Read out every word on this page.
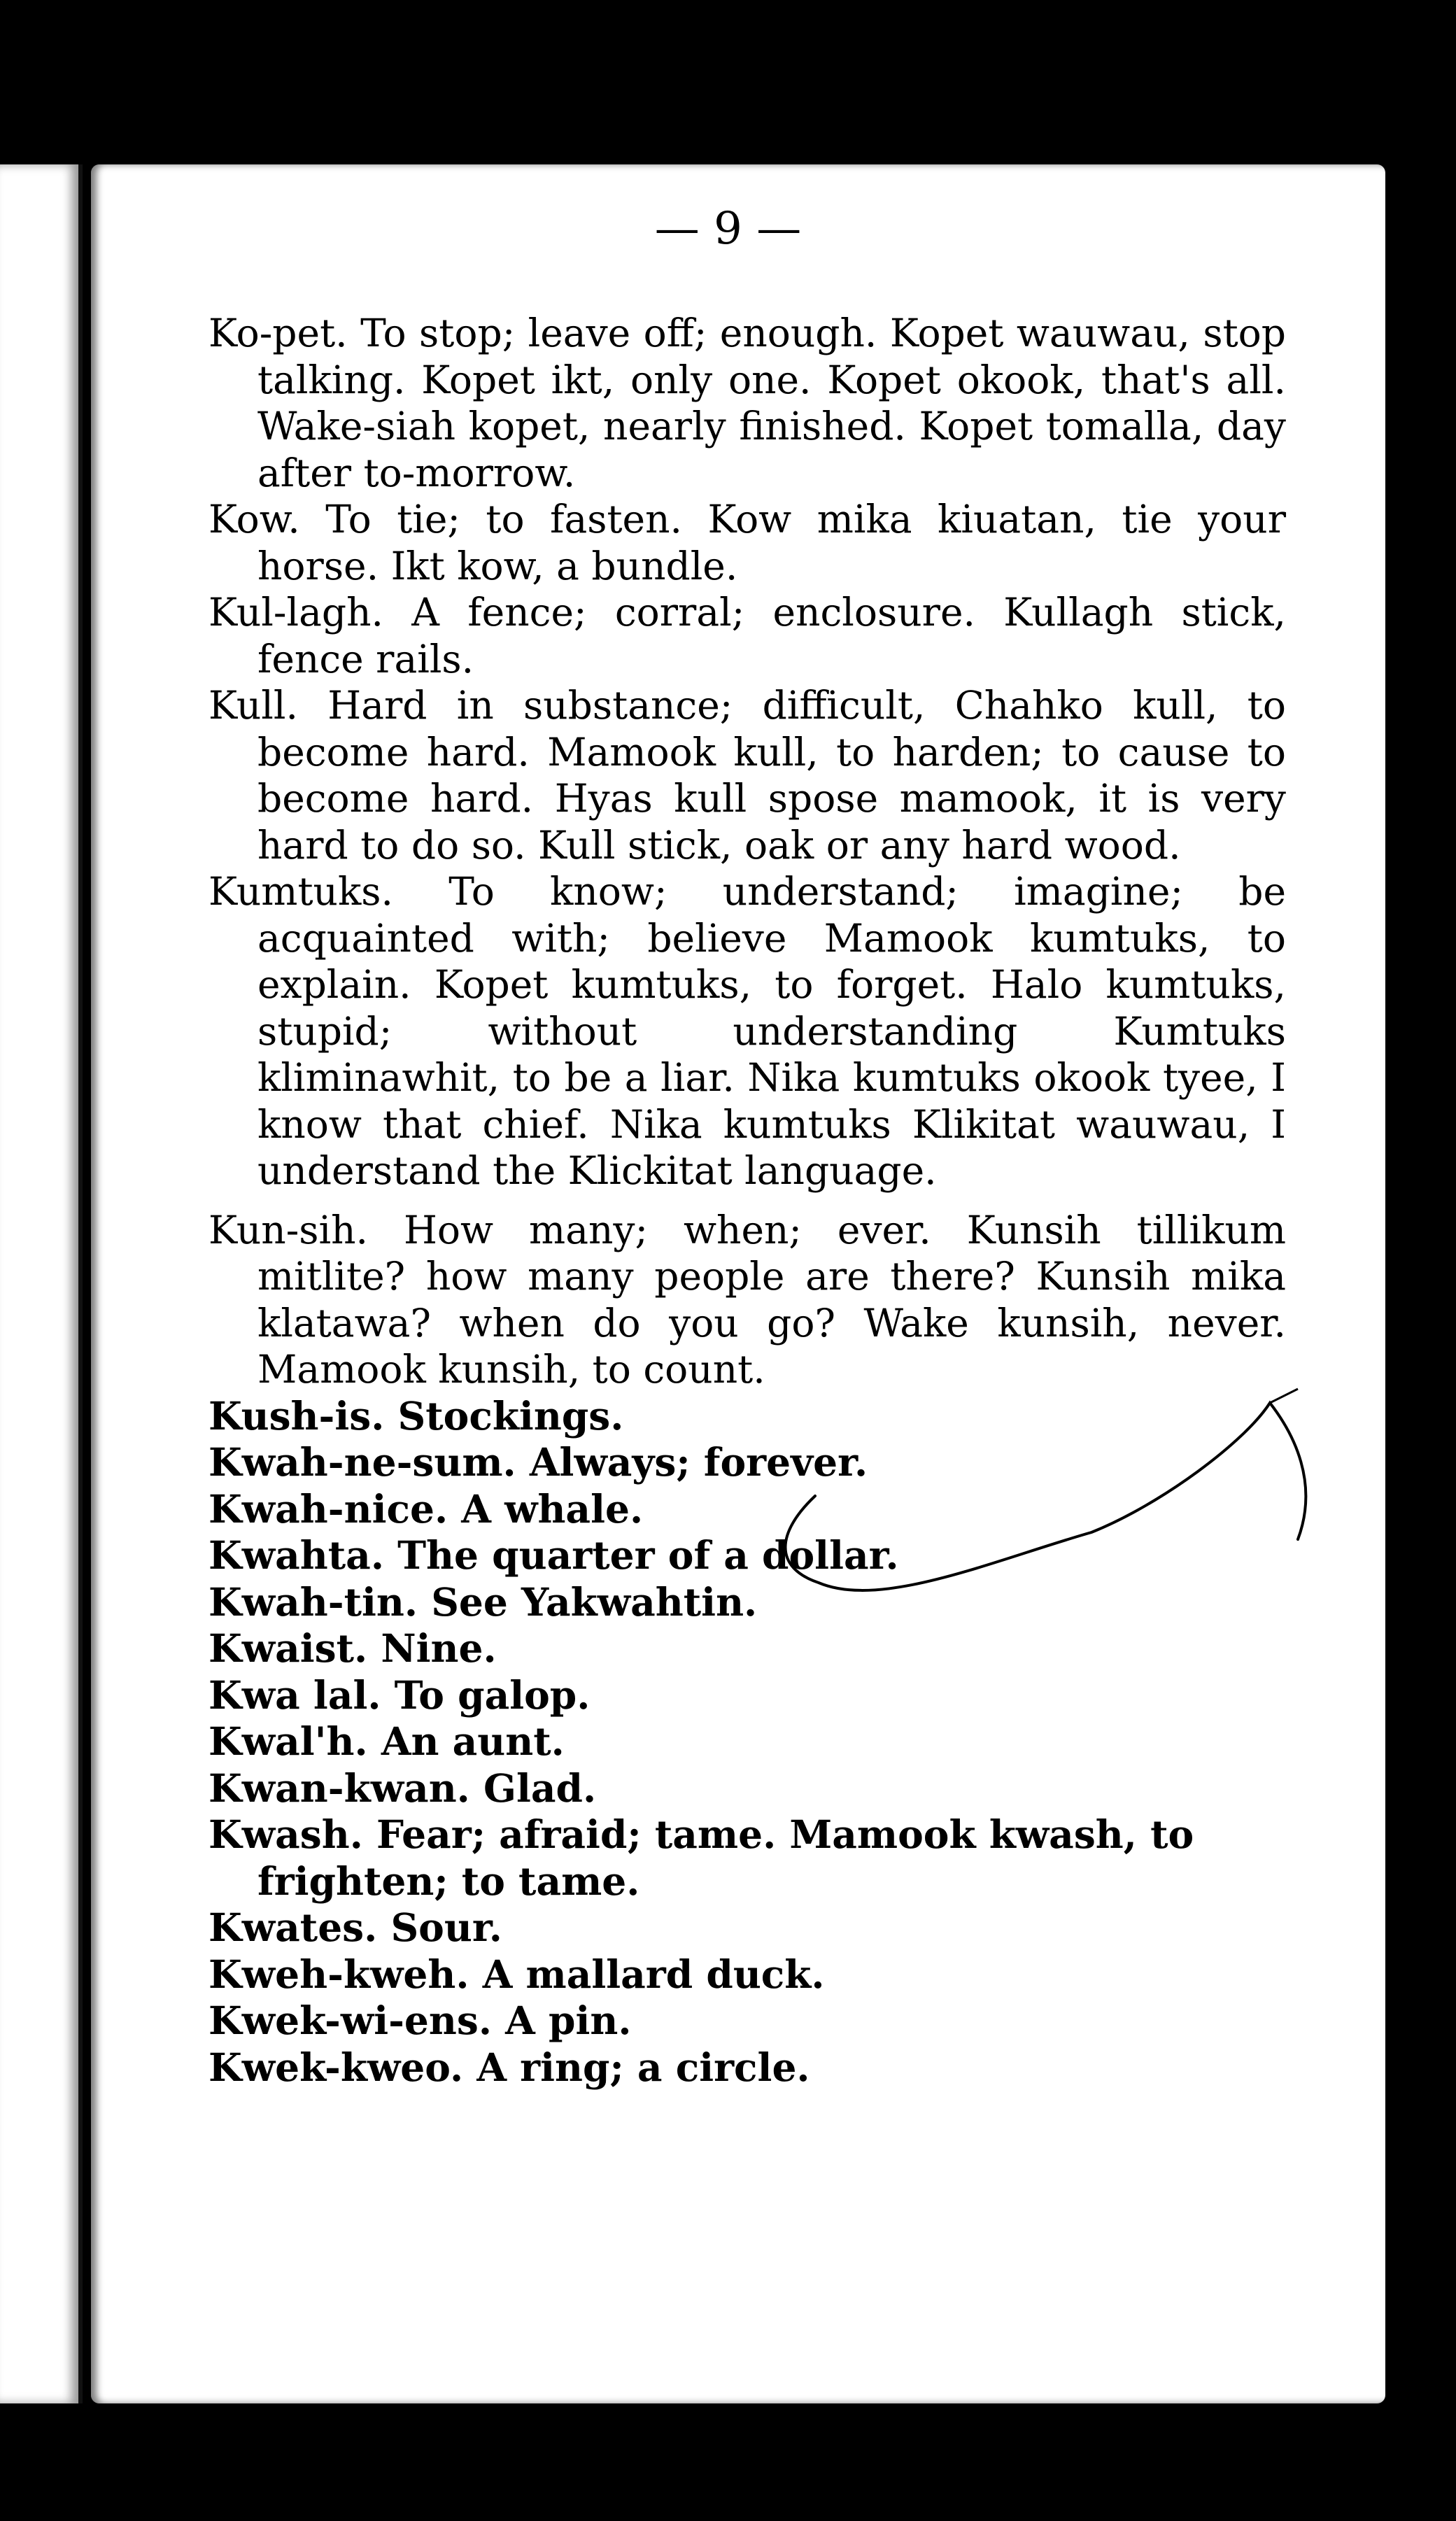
— 9 —
Ko-pet. To stop; leave off; enough. Kopet wauwau, stop talking. Kopet ikt, only one. Kopet okook, that's all. Wake-siah kopet, nearly finished. Kopet tomalla, day after to-morrow.
Kow. To tie; to fasten. Kow mika kiuatan, tie your horse. Ikt kow, a bundle.
Kul-lagh. A fence; corral; enclosure. Kullagh stick, fence rails.
Kull. Hard in substance; difficult, Chahko kull, to become hard. Mamook kull, to harden; to cause to become hard. Hyas kull spose mamook, it is very hard to do so. Kull stick, oak or any hard wood.
Kumtuks. To know; understand; imagine; be acquainted with; believe Mamook kumtuks, to explain. Kopet kumtuks, to forget. Halo kumtuks, stupid; without understanding Kumtuks kliminawhit, to be a liar. Nika kumtuks okook tyee, I know that chief. Nika kumtuks Klikitat wauwau, I understand the Klickitat language.
Kun-sih. How many; when; ever. Kunsih tillikum mitlite? how many people are there? Kunsih mika klatawa? when do you go? Wake kunsih, never. Mamook kunsih, to count.
Kush-is. Stockings.
Kwah-ne-sum. Always; forever.
Kwah-nice. A whale.
Kwahta. The quarter of a dollar.
Kwah-tin. See Yakwahtin.
Kwaist. Nine.
Kwa lal. To galop.
Kwal'h. An aunt.
Kwan-kwan. Glad.
Kwash. Fear; afraid; tame. Mamook kwash, to frighten; to tame.
Kwates. Sour.
Kweh-kweh. A mallard duck.
Kwek-wi-ens. A pin.
Kwek-kweo. A ring; a circle.
